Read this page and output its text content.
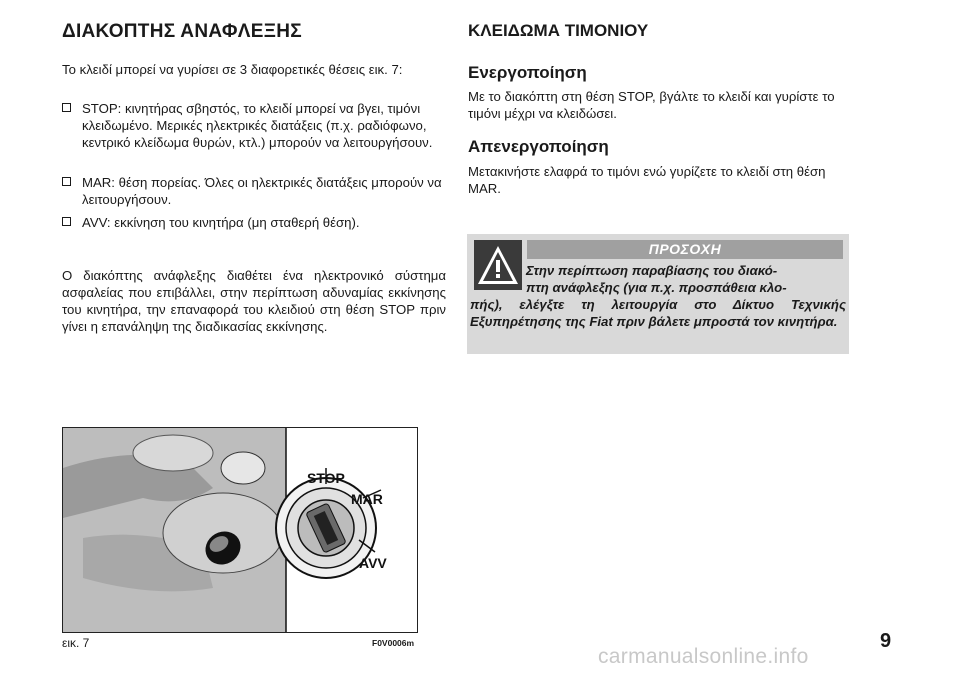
ΔΙΑΚΟΠΤΗΣ ΑΝΑΦΛΕΞΗΣ

Το κλειδί μπορεί να γυρίσει σε 3 διαφορετικές θέσεις εικ. 7:

STOP: κινητήρας σβηστός, το κλειδί μπορεί να βγει, τιμόνι κλειδωμένο. Μερικές ηλεκτρικές διατάξεις (π.χ. ραδιόφωνο, κεντρικό κλείδωμα θυρών, κτλ.) μπορούν να λειτουργήσουν.
MAR: θέση πορείας. Όλες οι ηλεκτρικές διατάξεις μπορούν να λειτουργήσουν.
AVV: εκκίνηση του κινητήρα (μη σταθερή θέση).

Ο διακόπτης ανάφλεξης διαθέτει ένα ηλεκτρονικό σύστημα ασφαλείας που επιβάλλει, στην περίπτωση αδυναμίας εκκίνησης του κινητήρα, την επαναφορά του κλειδιού στη θέση STOP πριν γίνει η επανάληψη της διαδικασίας εκκίνησης.

STOP
MAR
AVV
εικ. 7	F0V0006m
ΚΛΕΙΔΩΜΑ ΤΙΜΟΝΙΟΥ
Ενεργοποίηση

Με το διακόπτη στη θέση STOP, βγάλτε το κλειδί και γυρίστε το τιμόνι μέχρι να κλειδώσει.

Απενεργοποίηση

Μετακινήστε ελαφρά το τιμόνι ενώ γυρίζετε το κλειδί στη θέση MAR.

ΠΡΟΣΟΧΗ
Στην περίπτωση παραβίασης του διακό-
πτη ανάφλεξης (για π.χ. προσπάθεια κλο-
πής), ελέγξτε τη λειτουργία στο Δίκτυο Τεχνικής Εξυπηρέτησης της Fiat πριν βάλετε μπροστά τον κινητήρα.

9
carmanualsonline.info
